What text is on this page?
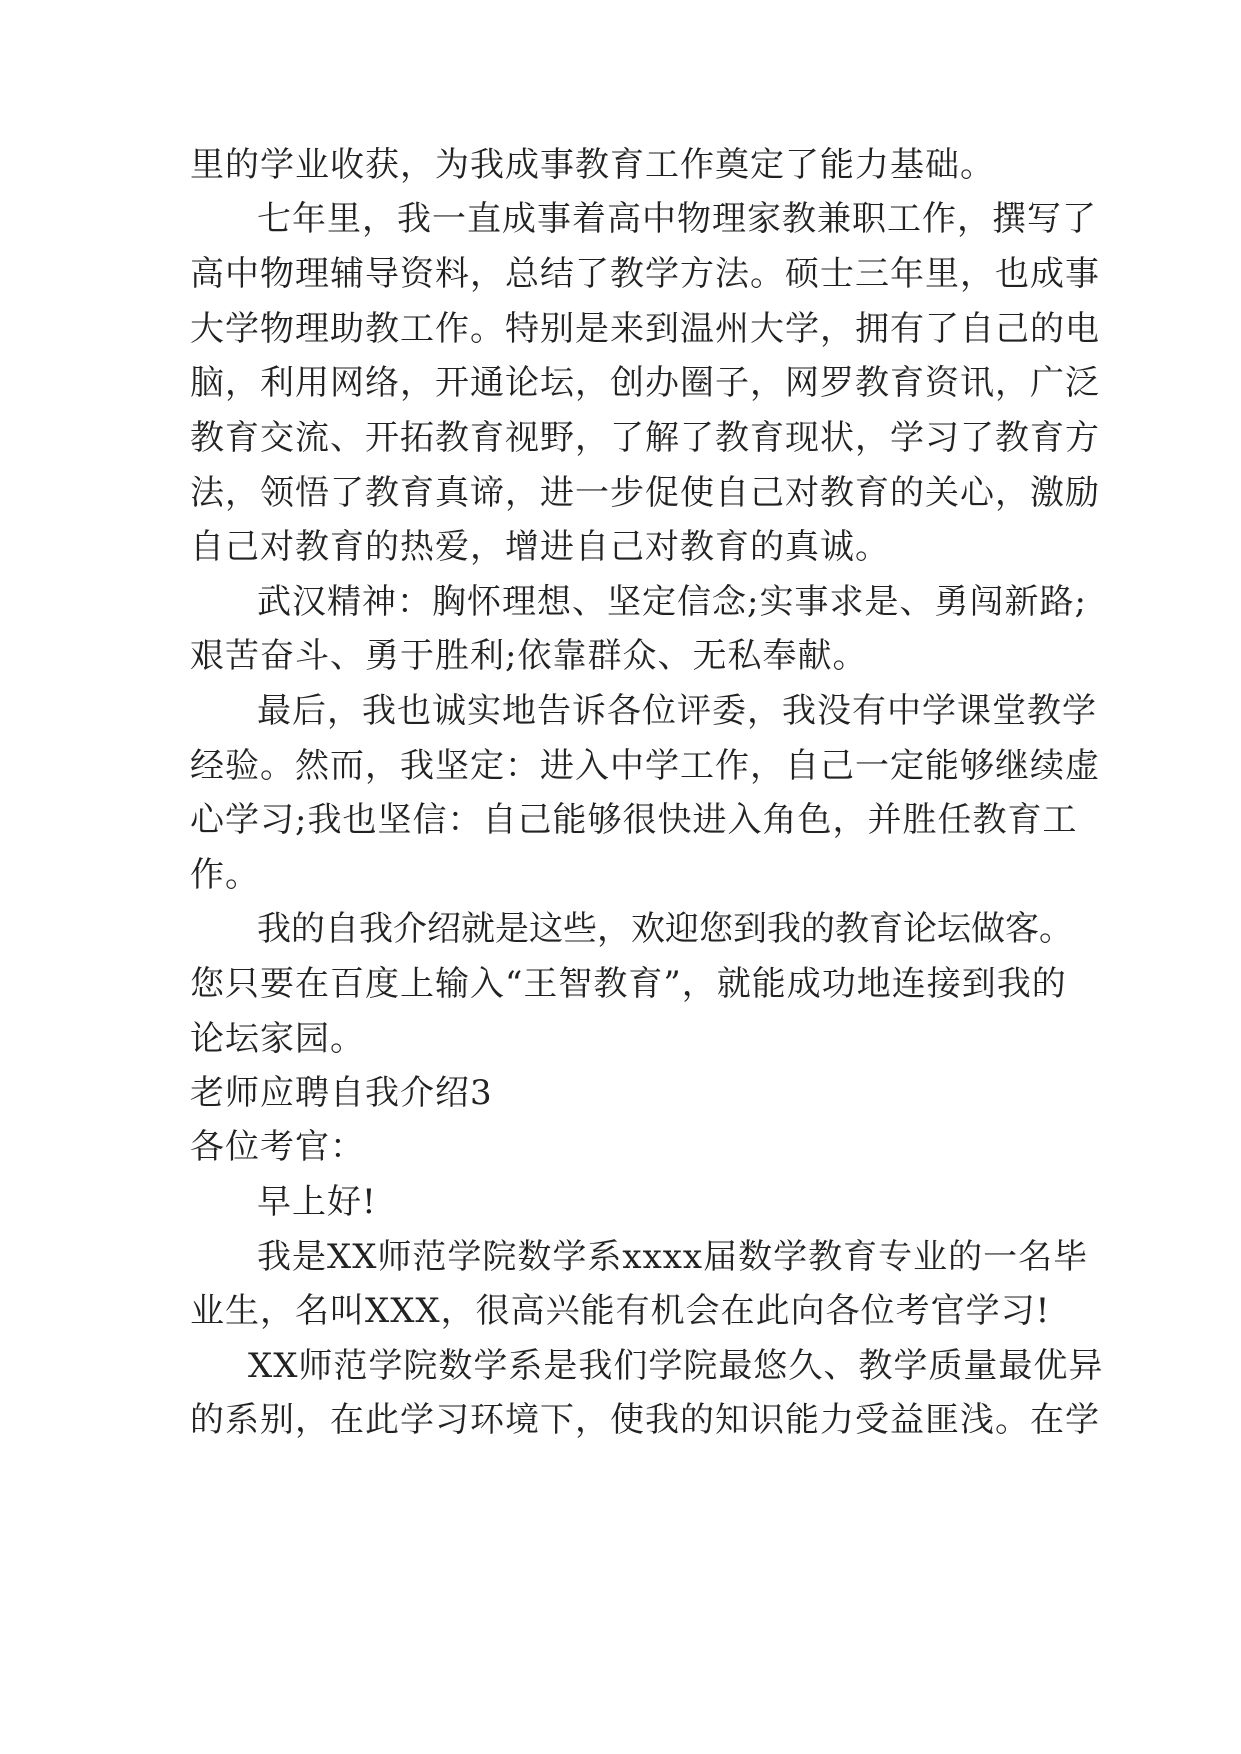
里的学业收获，为我成事教育工作奠定了能力基础。
七年里，我一直成事着高中物理家教兼职工作，撰写了
高中物理辅导资料，总结了教学方法。硕士三年里，也成事
大学物理助教工作。特别是来到温州大学，拥有了自己的电
脑，利用网络，开通论坛，创办圈子，网罗教育资讯，广泛
教育交流、开拓教育视野，了解了教育现状，学习了教育方
法，领悟了教育真谛，进一步促使自己对教育的关心，激励
自己对教育的热爱，增进自己对教育的真诚。
武汉精神：胸怀理想、坚定信念;实事求是、勇闯新路;
艰苦奋斗、勇于胜利;依靠群众、无私奉献。
最后，我也诚实地告诉各位评委，我没有中学课堂教学
经验。然而，我坚定：进入中学工作，自己一定能够继续虚
心学习;我也坚信：自己能够很快进入角色，并胜任教育工
作。
我的自我介绍就是这些，欢迎您到我的教育论坛做客。
您只要在百度上输入“王智教育”，就能成功地连接到我的
论坛家园。
老师应聘自我介绍3
各位考官：
早上好!
我是XX师范学院数学系xxxx届数学教育专业的一名毕
业生，名叫XXX，很高兴能有机会在此向各位考官学习!
XX师范学院数学系是我们学院最悠久、教学质量最优异
的系别，在此学习环境下，使我的知识能力受益匪浅。在学
